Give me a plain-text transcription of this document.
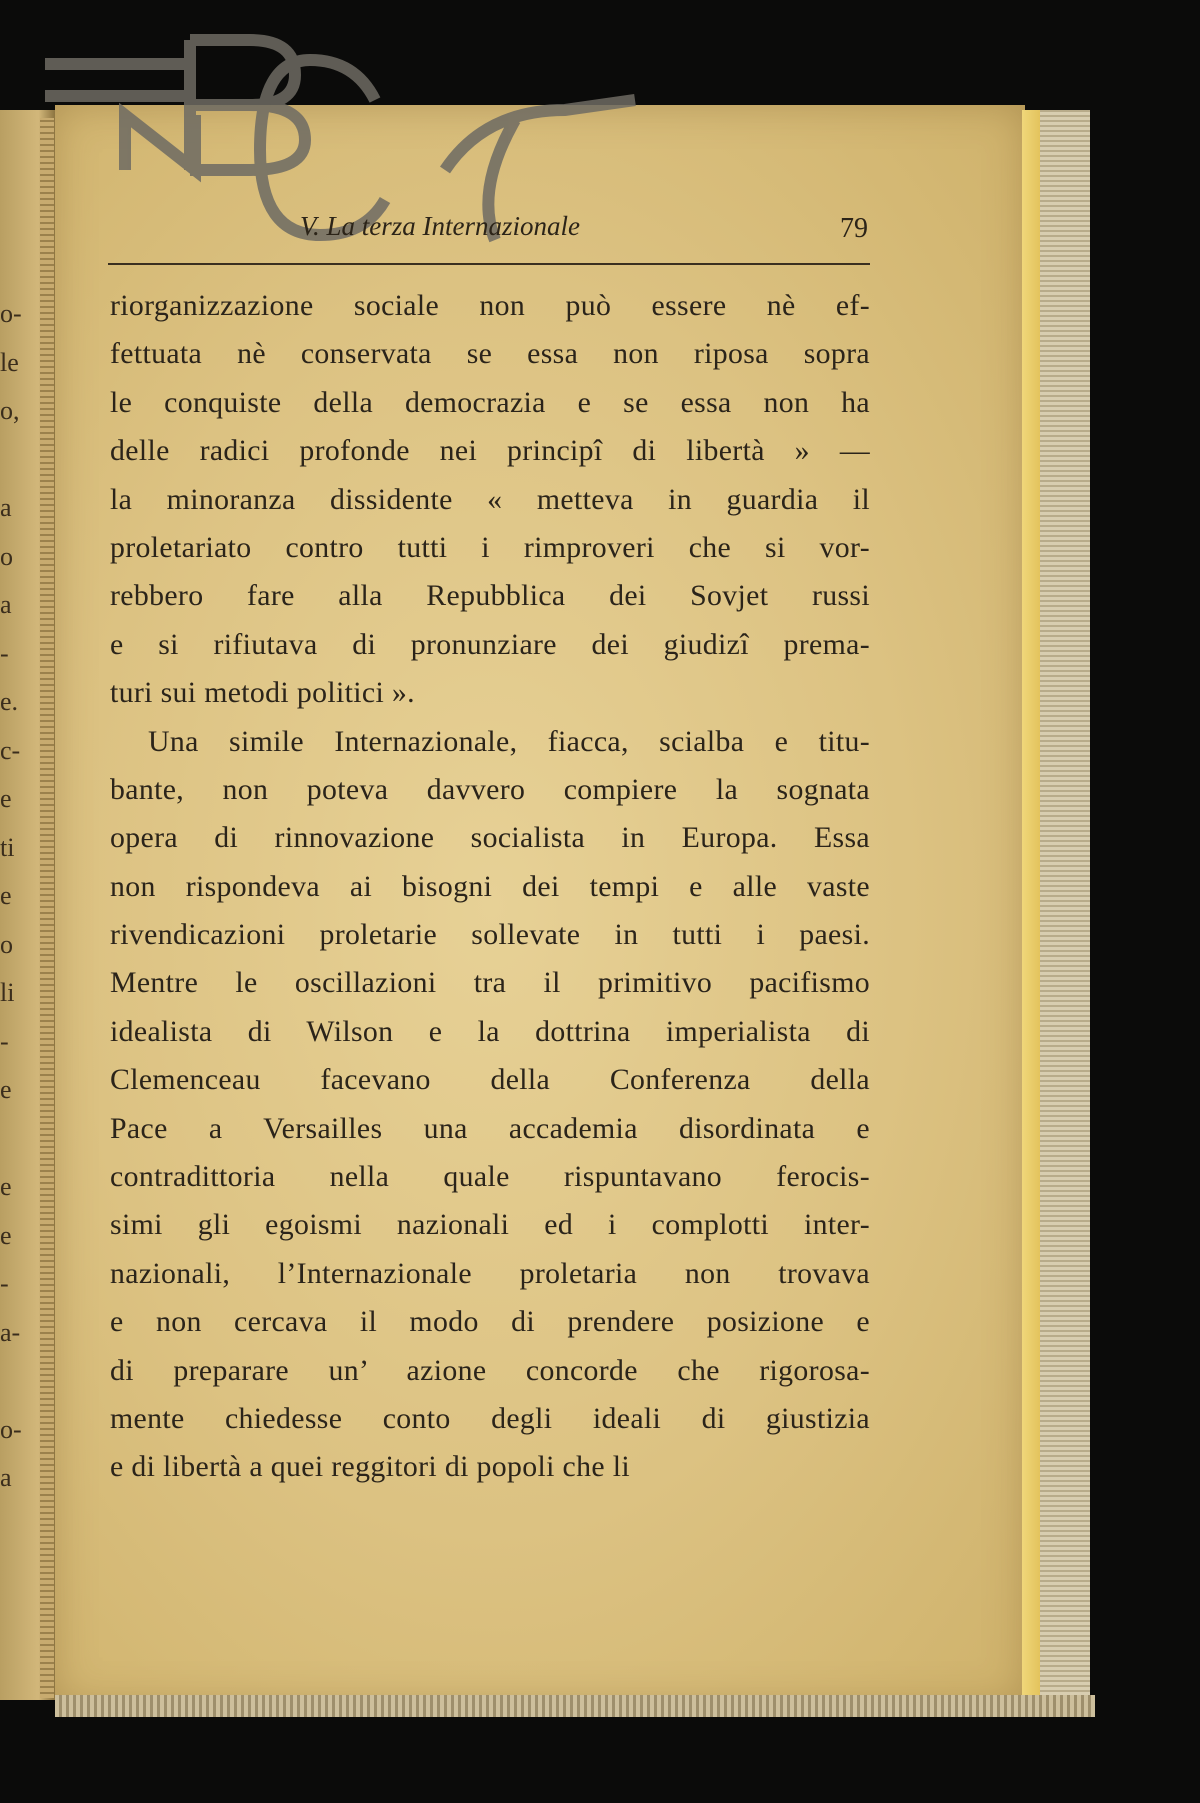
o-
le
o,
a
o
a
-
e.
c-
e
ti
e
o
li
-
e
e
e
-
a-
o-
a
V. La terza Internazionale	79
riorganizzazione sociale non può essere nè ef-
fettuata nè conservata se essa non riposa sopra
le conquiste della democrazia e se essa non ha
delle radici profonde nei principî di libertà » —
la minoranza dissidente « metteva in guardia il
proletariato contro tutti i rimproveri che si vor-
rebbero fare alla Repubblica dei Sovjet russi
e si rifiutava di pronunziare dei giudizî prema-
turi sui metodi politici ».
Una simile Internazionale, fiacca, scialba e titu-
bante, non poteva davvero compiere la sognata
opera di rinnovazione socialista in Europa. Essa
non rispondeva ai bisogni dei tempi e alle vaste
rivendicazioni proletarie sollevate in tutti i paesi.
Mentre le oscillazioni tra il primitivo pacifismo
idealista di Wilson e la dottrina imperialista di
Clemenceau facevano della Conferenza della
Pace a Versailles una accademia disordinata e
contradittoria nella quale rispuntavano ferocis-
simi gli egoismi nazionali ed i complotti inter-
nazionali, l’Internazionale proletaria non trovava
e non cercava il modo di prendere posizione e
di preparare un’ azione concorde che rigorosa-
mente chiedesse conto degli ideali di giustizia
e di libertà a quei reggitori di popoli che li
